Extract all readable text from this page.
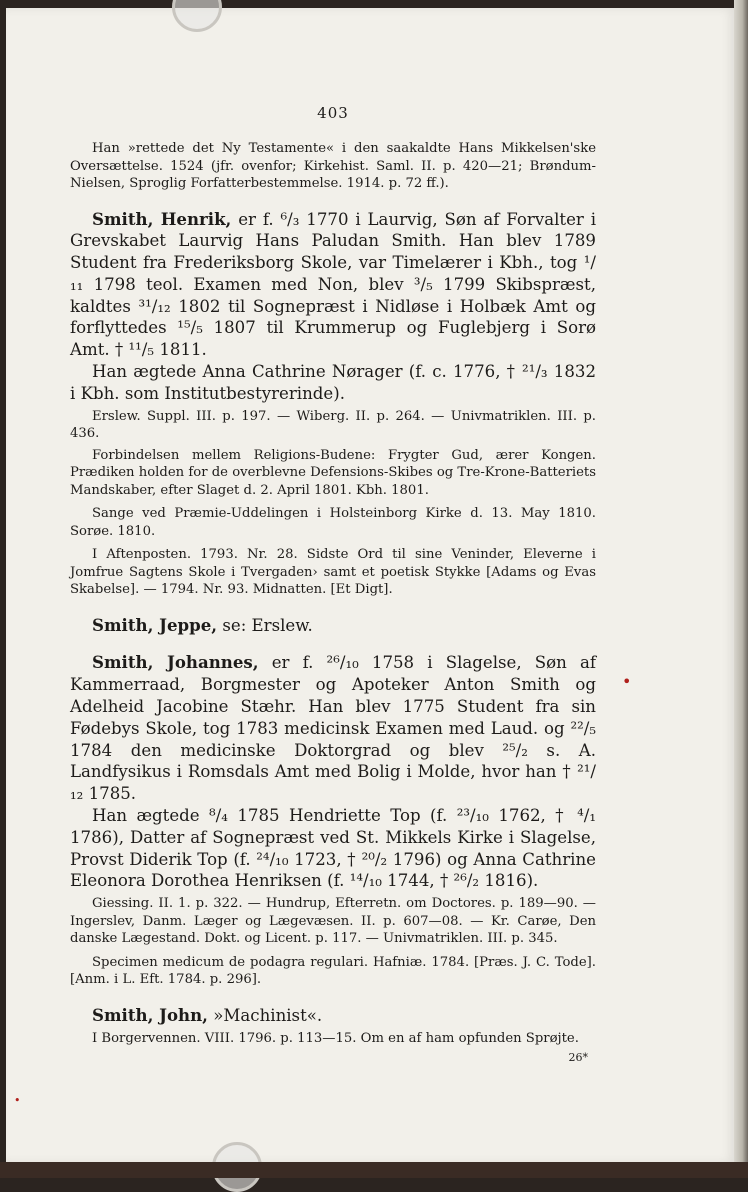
403

Han »rettede det Ny Testamente« i den saakaldte Hans Mikkelsen'ske Oversættelse. 1524 (jfr. ovenfor; Kirkehist. Saml. II. p. 420—21; Brøndum-Nielsen, Sproglig Forfatterbestemmelse. 1914. p. 72 ff.).

Smith, Henrik, er f. ⁶/₃ 1770 i Laurvig, Søn af Forvalter i Grevskabet Laurvig Hans Paludan Smith. Han blev 1789 Student fra Frederiksborg Skole, var Timelærer i Kbh., tog ¹/₁₁ 1798 teol. Examen med Non, blev ³/₅ 1799 Skibspræst, kaldtes ³¹/₁₂ 1802 til Sognepræst i Nidløse i Holbæk Amt og forflyttedes ¹⁵/₅ 1807 til Krummerup og Fuglebjerg i Sorø Amt. † ¹¹/₅ 1811.

Han ægtede Anna Cathrine Nørager (f. c. 1776, † ²¹/₃ 1832 i Kbh. som Institutbestyrerinde).

Erslew. Suppl. III. p. 197. — Wiberg. II. p. 264. — Univmatriklen. III. p. 436.

Forbindelsen mellem Religions-Budene: Frygter Gud, ærer Kongen. Prædiken holden for de overblevne Defensions-Skibes og Tre-Krone-Batteriets Mandskaber, efter Slaget d. 2. April 1801. Kbh. 1801.

Sange ved Præmie-Uddelingen i Holsteinborg Kirke d. 13. May 1810. Sorøe. 1810.

I Aftenposten. 1793. Nr. 28. Sidste Ord til sine Veninder, Eleverne i Jomfrue Sagtens Skole i Tvergaden› samt et poetisk Stykke [Adams og Evas Skabelse]. — 1794. Nr. 93. Midnatten. [Et Digt].

Smith, Jeppe, se: Erslew.

Smith, Johannes, er f. ²⁶/₁₀ 1758 i Slagelse, Søn af Kammerraad, Borgmester og Apoteker Anton Smith og Adelheid Jacobine Stæhr. Han blev 1775 Student fra sin Fødebys Skole, tog 1783 medicinsk Examen med Laud. og ²²/₅ 1784 den medicinske Doktorgrad og blev ²⁵/₂ s. A. Landfysikus i Romsdals Amt med Bolig i Molde, hvor han † ²¹/₁₂ 1785.

Han ægtede ⁸/₄ 1785 Hendriette Top (f. ²³/₁₀ 1762, † ⁴/₁ 1786), Datter af Sognepræst ved St. Mikkels Kirke i Slagelse, Provst Diderik Top (f. ²⁴/₁₀ 1723, † ²⁰/₂ 1796) og Anna Cathrine Eleonora Dorothea Henriksen (f. ¹⁴/₁₀ 1744, † ²⁶/₂ 1816).

Giessing. II. 1. p. 322. — Hundrup, Efterretn. om Doctores. p. 189—90. — Ingerslev, Danm. Læger og Lægevæsen. II. p. 607—08. — Kr. Carøe, Den danske Lægestand. Dokt. og Licent. p. 117. — Univmatriklen. III. p. 345.

Specimen medicum de podagra regulari. Hafniæ. 1784. [Præs. J. C. Tode]. [Anm. i L. Eft. 1784. p. 296].

Smith, John, »Machinist«.

I Borgervennen. VIII. 1796. p. 113—15. Om en af ham opfunden Sprøjte.

26*
•
•
